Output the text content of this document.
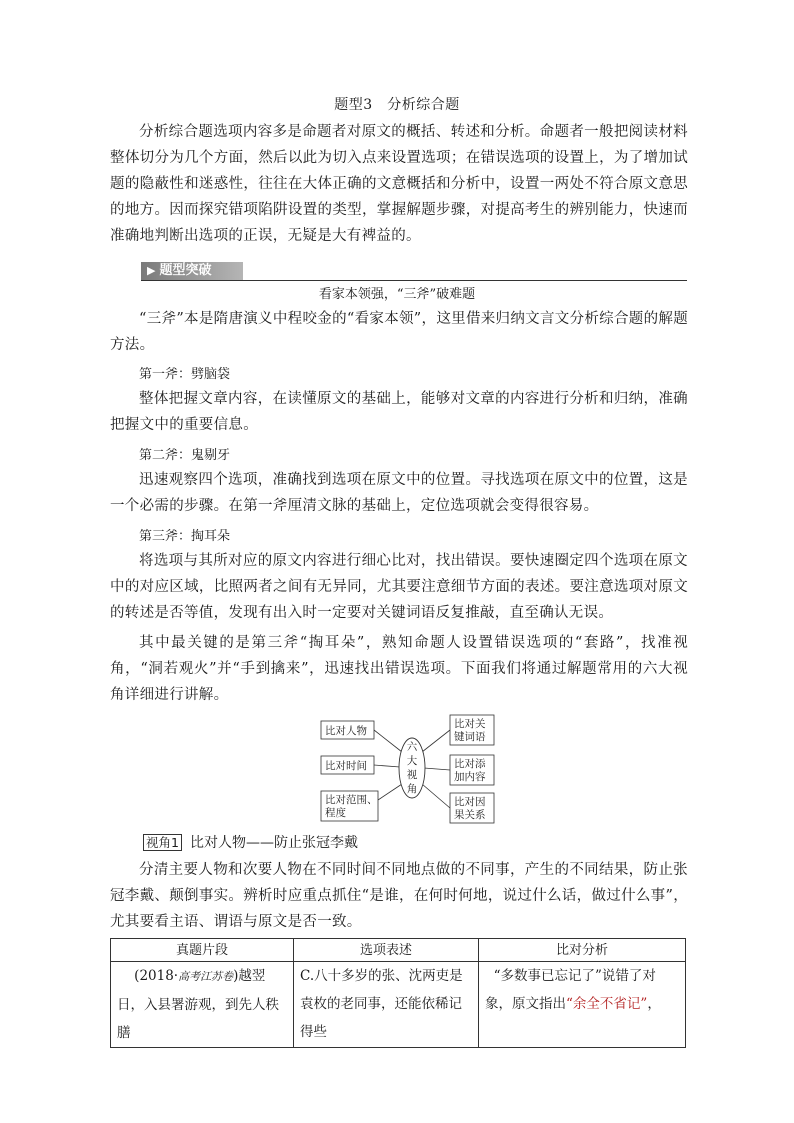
题型3　分析综合题

分析综合题选项内容多是命题者对原文的概括、转述和分析。命题者一般把阅读材料整体切分为几个方面，然后以此为切入点来设置选项；在错误选项的设置上，为了增加试题的隐蔽性和迷惑性，往往在大体正确的文意概括和分析中，设置一两处不符合原文意思的地方。因而探究错项陷阱设置的类型，掌握解题步骤，对提高考生的辨别能力，快速而准确地判断出选项的正误，无疑是大有裨益的。

▶ 题型突破
看家本领强，“三斧”破难题

“三斧”本是隋唐演义中程咬金的“看家本领”，这里借来归纳文言文分析综合题的解题方法。

第一斧：劈脑袋

整体把握文章内容，在读懂原文的基础上，能够对文章的内容进行分析和归纳，准确把握文中的重要信息。

第二斧：鬼剔牙

迅速观察四个选项，准确找到选项在原文中的位置。寻找选项在原文中的位置，这是一个必需的步骤。在第一斧厘清文脉的基础上，定位选项就会变得很容易。

第三斧：掏耳朵

将选项与其所对应的原文内容进行细心比对，找出错误。要快速圈定四个选项在原文中的对应区域，比照两者之间有无异同，尤其要注意细节方面的表述。要注意选项对原文的转述是否等值，发现有出入时一定要对关键词语反复推敲，直至确认无误。

其中最关键的是第三斧“掏耳朵”，熟知命题人设置错误选项的“套路”，找准视角，“洞若观火”并“手到擒来”，迅速找出错误选项。下面我们将通过解题常用的六大视角详细进行讲解。

六
大
视
角
比对人物
比对时间
比对范围、
程度
比对关
键词语
比对添
加内容
比对因
果关系
视角1 比对人物——防止张冠李戴

分清主要人物和次要人物在不同时间不同地点做的不同事，产生的不同结果，防止张冠李戴、颠倒事实。辨析时应重点抓住“是谁，在何时何地，说过什么话，做过什么事”，尤其要看主语、谓语与原文是否一致。

真题片段	选项表述	比对分析
(2018·高考江苏卷)越翌日，入县署游观，到先人秩膳	C.八十多岁的张、沈两吏是袁枚的老同事，还能依稀记得些	“多数事已忘记了”说错了对象，原文指出“余全不省记”，
